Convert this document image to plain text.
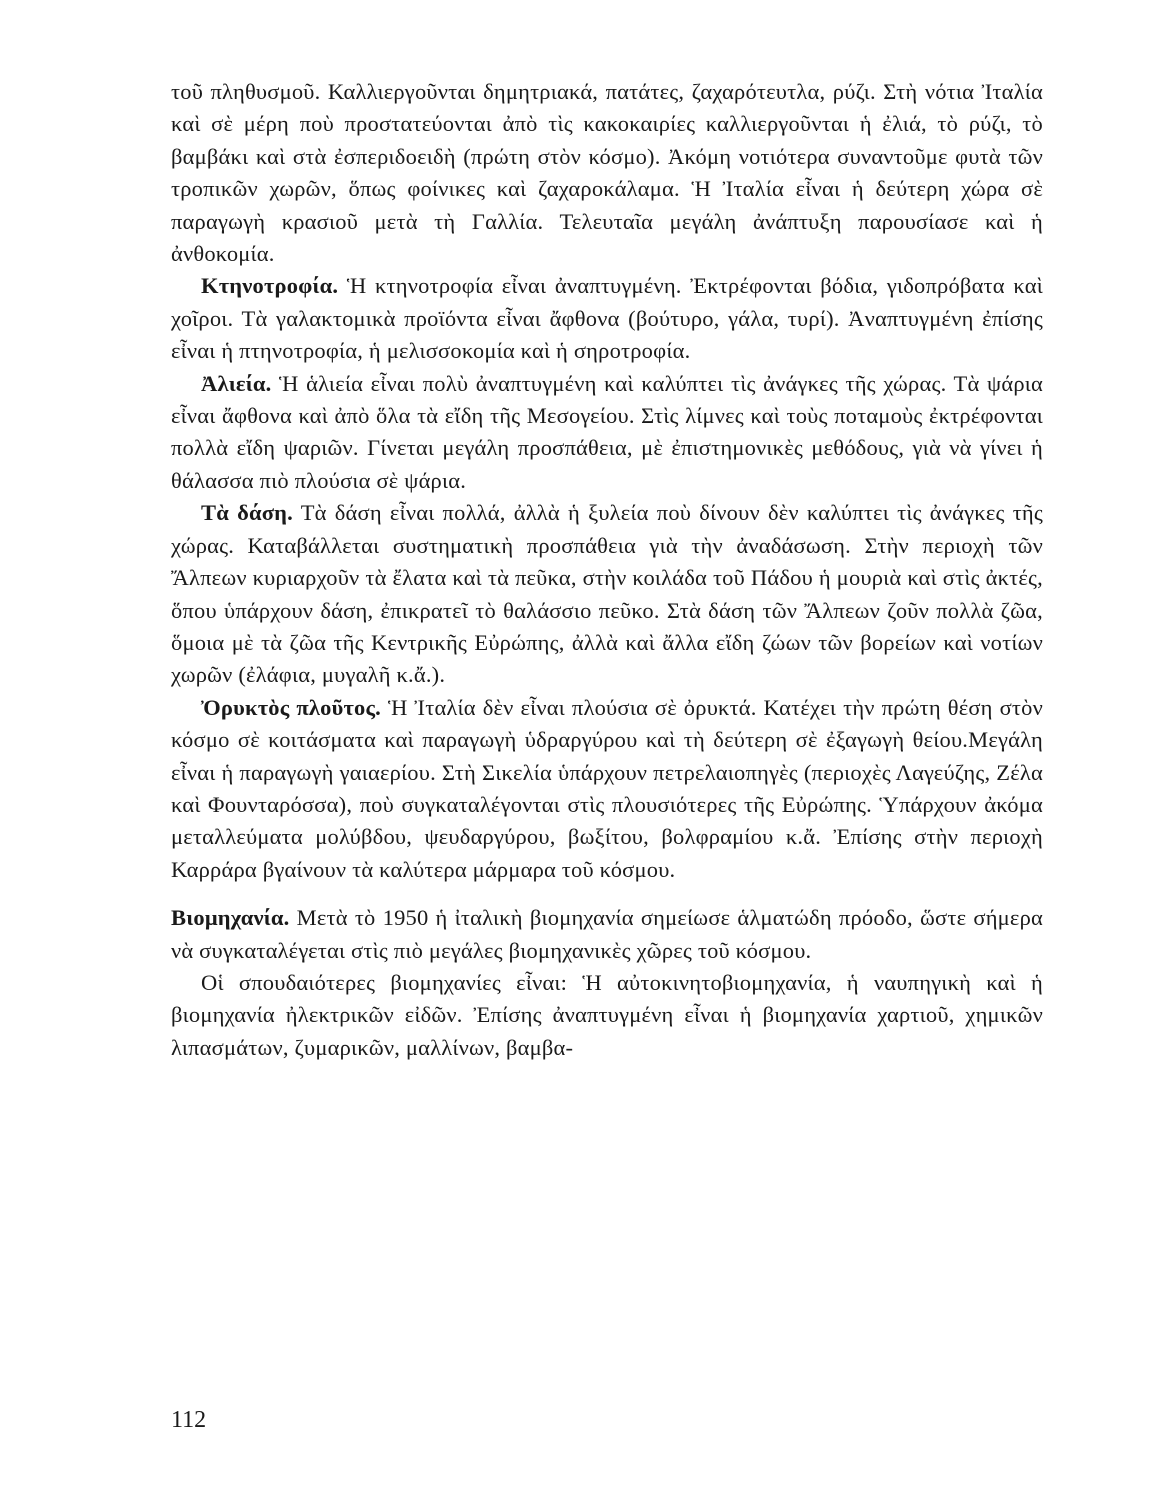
τοῦ πληθυσμοῦ. Καλλιεργοῦνται δημητριακά, πατάτες, ζαχαρότευτλα, ρύζι. Στὴ νότια Ἰταλία καὶ σὲ μέρη ποὺ προστατεύονται ἀπὸ τὶς κακοκαιρίες καλλιεργοῦνται ἡ ἐλιά, τὸ ρύζι, τὸ βαμβάκι καὶ στὰ ἐσπεριδοειδὴ (πρώτη στὸν κόσμο). Ἀκόμη νοτιότερα συναντοῦμε φυτὰ τῶν τροπικῶν χωρῶν, ὅπως φοίνικες καὶ ζαχαροκάλαμα. Ἡ Ἰταλία εἶναι ἡ δεύτερη χώρα σὲ παραγωγὴ κρασιοῦ μετὰ τὴ Γαλλία. Τελευταῖα μεγάλη ἀνάπτυξη παρουσίασε καὶ ἡ ἀνθοκομία.

Κτηνοτροφία. Ἡ κτηνοτροφία εἶναι ἀναπτυγμένη. Ἐκτρέφονται βόδια, γιδοπρόβατα καὶ χοῖροι. Τὰ γαλακτομικὰ προϊόντα εἶναι ἄφθονα (βούτυρο, γάλα, τυρί). Ἀναπτυγμένη ἐπίσης εἶναι ἡ πτηνοτροφία, ἡ μελισσοκομία καὶ ἡ σηροτροφία.

Ἀλιεία. Ἡ ἁλιεία εἶναι πολὺ ἀναπτυγμένη καὶ καλύπτει τὶς ἀνάγκες τῆς χώρας. Τὰ ψάρια εἶναι ἄφθονα καὶ ἀπὸ ὅλα τὰ εἴδη τῆς Μεσογείου. Στὶς λίμνες καὶ τοὺς ποταμοὺς ἐκτρέφονται πολλὰ εἴδη ψαριῶν. Γίνεται μεγάλη προσπάθεια, μὲ ἐπιστημονικὲς μεθόδους, γιὰ νὰ γίνει ἡ θάλασσα πιὸ πλούσια σὲ ψάρια.

Τὰ δάση. Τὰ δάση εἶναι πολλά, ἀλλὰ ἡ ξυλεία ποὺ δίνουν δὲν καλύπτει τὶς ἀνάγκες τῆς χώρας. Καταβάλλεται συστηματικὴ προσπάθεια γιὰ τὴν ἀναδάσωση. Στὴν περιοχὴ τῶν Ἄλπεων κυριαρχοῦν τὰ ἔλατα καὶ τὰ πεῦκα, στὴν κοιλάδα τοῦ Πάδου ἡ μουριὰ καὶ στὶς ἀκτές, ὅπου ὑπάρχουν δάση, ἐπικρατεῖ τὸ θαλάσσιο πεῦκο. Στὰ δάση τῶν Ἄλπεων ζοῦν πολλὰ ζῶα, ὅμοια μὲ τὰ ζῶα τῆς Κεντρικῆς Εὐρώπης, ἀλλὰ καὶ ἄλλα εἴδη ζώων τῶν βορείων καὶ νοτίων χωρῶν (ἐλάφια, μυγαλῆ κ.ἄ.).

Ὀρυκτὸς πλοῦτος. Ἡ Ἰταλία δὲν εἶναι πλούσια σὲ ὀρυκτά. Κατέχει τὴν πρώτη θέση στὸν κόσμο σὲ κοιτάσματα καὶ παραγωγὴ ὑδραργύρου καὶ τὴ δεύτερη σὲ ἐξαγωγὴ θείου.Μεγάλη εἶναι ἡ παραγωγὴ γαιαερίου. Στὴ Σικελία ὑπάρχουν πετρελαιοπηγὲς (περιοχὲς Λαγεύζης, Ζέλα καὶ Φουνταρόσσα), ποὺ συγκαταλέγονται στὶς πλουσιότερες τῆς Εὐρώπης. Ὑπάρχουν ἀκόμα μεταλλεύματα μολύβδου, ψευδαργύρου, βωξίτου, βολφραμίου κ.ἄ. Ἐπίσης στὴν περιοχὴ Καρράρα βγαίνουν τὰ καλύτερα μάρμαρα τοῦ κόσμου.

Βιομηχανία. Μετὰ τὸ 1950 ἡ ἰταλικὴ βιομηχανία σημείωσε ἁλματώδη πρόοδο, ὥστε σήμερα νὰ συγκαταλέγεται στὶς πιὸ μεγάλες βιομηχανικὲς χῶρες τοῦ κόσμου.

Οἱ σπουδαιότερες βιομηχανίες εἶναι: Ἡ αὐτοκινητοβιομηχανία, ἡ ναυπηγικὴ καὶ ἡ βιομηχανία ἠλεκτρικῶν εἰδῶν. Ἐπίσης ἀναπτυγμένη εἶναι ἡ βιομηχανία χαρτιοῦ, χημικῶν λιπασμάτων, ζυμαρικῶν, μαλλίνων, βαμβα-

112
